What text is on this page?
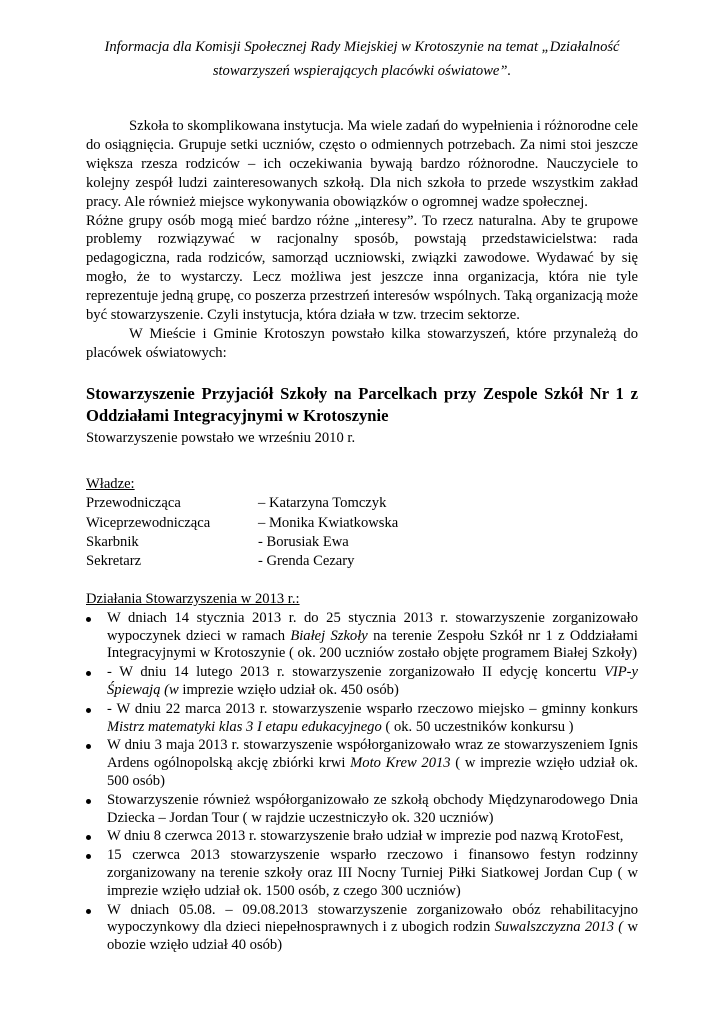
Informacja dla Komisji Społecznej Rady Miejskiej w Krotoszynie na temat „Działalność
stowarzyszeń wspierających placówki oświatowe”.

Szkoła to skomplikowana instytucja. Ma wiele zadań do wypełnienia i różnorodne cele do osiągnięcia. Grupuje setki uczniów, często o odmiennych potrzebach. Za nimi stoi jeszcze większa rzesza rodziców – ich oczekiwania bywają bardzo różnorodne. Nauczyciele to kolejny zespół ludzi zainteresowanych szkołą. Dla nich szkoła to przede wszystkim zakład pracy. Ale również miejsce wykonywania obowiązków o ogromnej wadze społecznej.

Różne grupy osób mogą mieć bardzo różne „interesy”. To rzecz naturalna. Aby te grupowe problemy rozwiązywać w racjonalny sposób, powstają przedstawicielstwa: rada pedagogiczna, rada rodziców, samorząd uczniowski, związki zawodowe. Wydawać by się mogło, że to wystarczy. Lecz możliwa jest jeszcze inna organizacja, która nie tyle reprezentuje jedną grupę, co poszerza przestrzeń interesów wspólnych. Taką organizacją może być stowarzyszenie. Czyli instytucja, która działa w tzw. trzecim sektorze.

W Mieście i Gminie Krotoszyn powstało kilka stowarzyszeń, które przynależą do placówek oświatowych:

Stowarzyszenie Przyjaciół Szkoły na Parcelkach przy Zespole Szkół Nr 1 z Oddziałami Integracyjnymi w Krotoszynie
Stowarzyszenie powstało we wrześniu 2010 r.
Władze:
Przewodnicząca	– Katarzyna Tomczyk
Wiceprzewodnicząca	– Monika Kwiatkowska
Skarbnik	- Borusiak Ewa
Sekretarz	- Grenda Cezary
Działania Stowarzyszenia w 2013 r.:
W dniach 14 stycznia 2013 r. do 25 stycznia 2013 r. stowarzyszenie zorganizowało wypoczynek dzieci w ramach Białej Szkoły na terenie Zespołu Szkół nr 1 z Oddziałami Integracyjnymi w Krotoszynie ( ok. 200 uczniów zostało objęte programem Białej Szkoły)
- W dniu 14 lutego 2013 r. stowarzyszenie zorganizowało II edycję koncertu VIP-y Śpiewają (w imprezie wzięło udział ok. 450 osób)
- W dniu 22 marca 2013 r. stowarzyszenie wsparło rzeczowo miejsko – gminny konkurs Mistrz matematyki klas 3 I etapu edukacyjnego ( ok. 50 uczestników konkursu )
W dniu 3 maja 2013 r. stowarzyszenie współorganizowało wraz ze stowarzyszeniem Ignis Ardens ogólnopolską akcję zbiórki krwi Moto Krew 2013 ( w imprezie wzięło udział ok. 500 osób)
Stowarzyszenie również współorganizowało ze szkołą obchody Międzynarodowego Dnia Dziecka – Jordan Tour ( w rajdzie uczestniczyło ok. 320 uczniów)
W dniu 8 czerwca 2013 r. stowarzyszenie brało udział w imprezie pod nazwą KrotoFest,
15 czerwca 2013 stowarzyszenie wsparło rzeczowo i finansowo festyn rodzinny zorganizowany na terenie szkoły oraz III Nocny Turniej Piłki Siatkowej Jordan Cup ( w imprezie wzięło udział ok. 1500 osób, z czego 300 uczniów)
W dniach 05.08. – 09.08.2013 stowarzyszenie zorganizowało obóz rehabilitacyjno wypoczynkowy dla dzieci niepełnosprawnych i z ubogich rodzin Suwalszczyzna 2013 ( w obozie wzięło udział 40 osób)
